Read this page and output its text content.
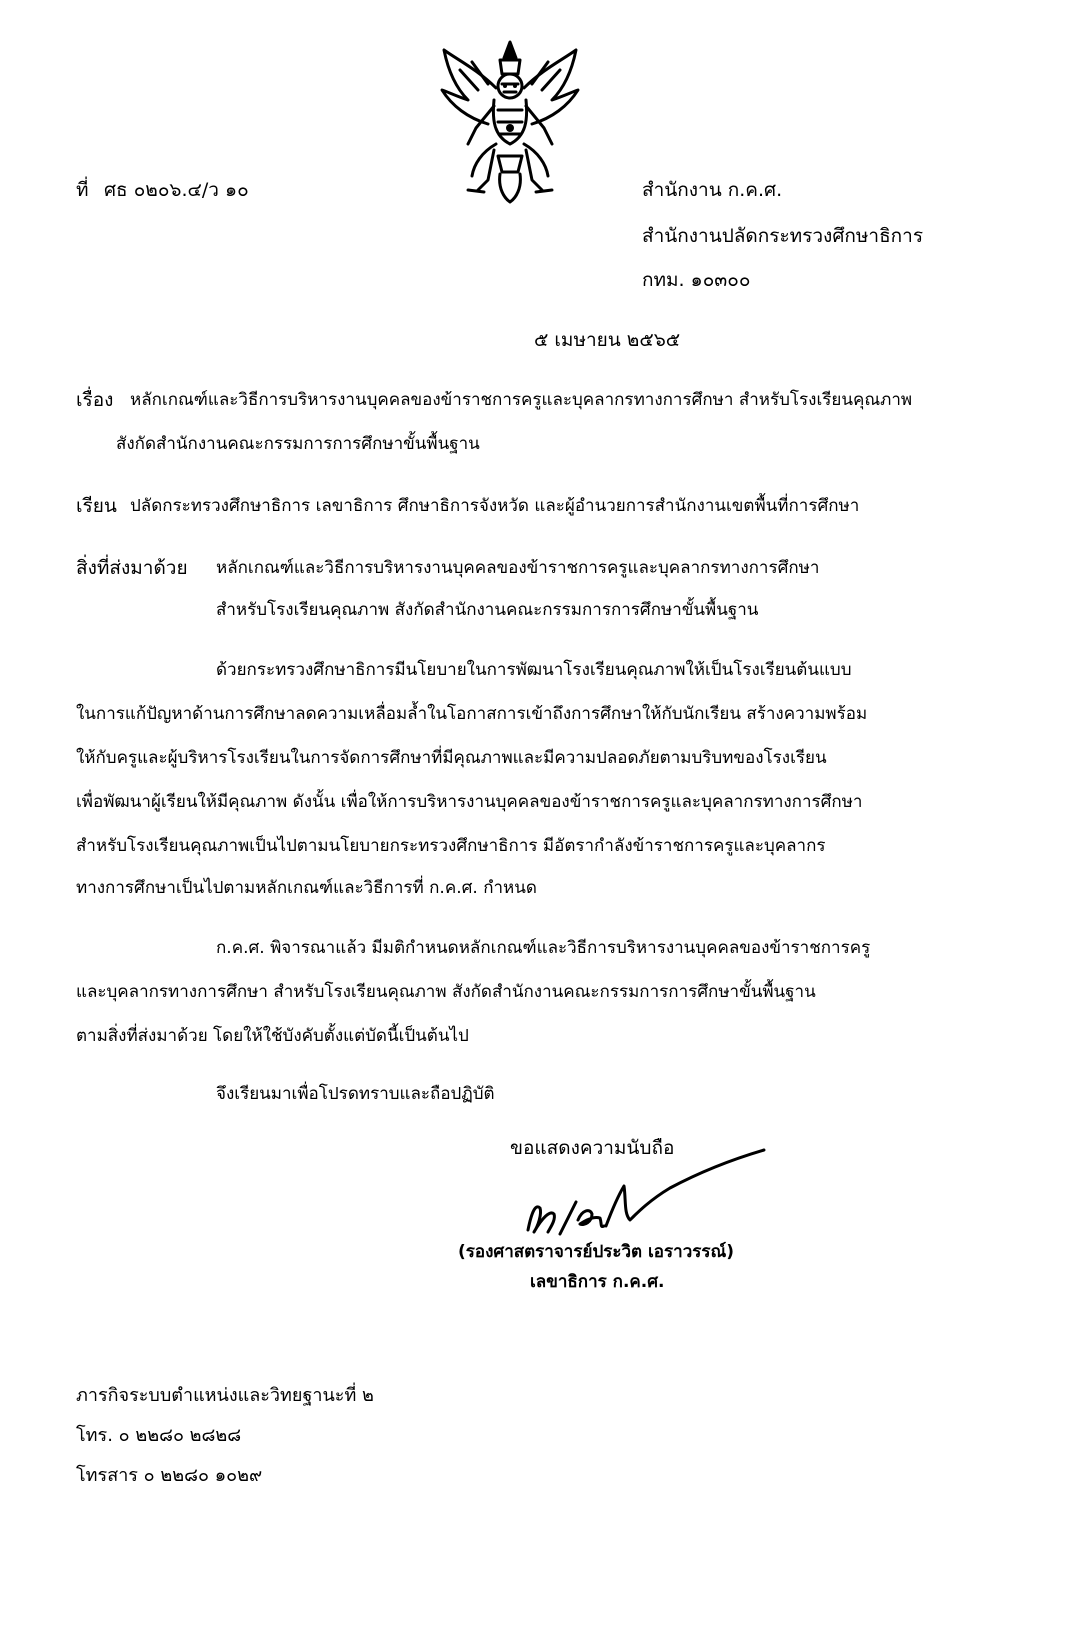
ที่ ศธ ๐๒๐๖.๔/ว ๑๐	สำนักงาน ก.ค.ศ.
สำนักงานปลัดกระทรวงศึกษาธิการ
กทม. ๑๐๓๐๐
๕ เมษายน ๒๕๖๕
เรื่อง หลักเกณฑ์และวิธีการบริหารงานบุคคลของข้าราชการครูและบุคลากรทางการศึกษา สำหรับโรงเรียนคุณภาพ
สังกัดสำนักงานคณะกรรมการการศึกษาขั้นพื้นฐาน
เรียน ปลัดกระทรวงศึกษาธิการ เลขาธิการ ศึกษาธิการจังหวัด และผู้อำนวยการสำนักงานเขตพื้นที่การศึกษา
สิ่งที่ส่งมาด้วย หลักเกณฑ์และวิธีการบริหารงานบุคคลของข้าราชการครูและบุคลากรทางการศึกษา
สำหรับโรงเรียนคุณภาพ สังกัดสำนักงานคณะกรรมการการศึกษาขั้นพื้นฐาน
ด้วยกระทรวงศึกษาธิการมีนโยบายในการพัฒนาโรงเรียนคุณภาพให้เป็นโรงเรียนต้นแบบ
ในการแก้ปัญหาด้านการศึกษาลดความเหลื่อมล้ำในโอกาสการเข้าถึงการศึกษาให้กับนักเรียน สร้างความพร้อม
ให้กับครูและผู้บริหารโรงเรียนในการจัดการศึกษาที่มีคุณภาพและมีความปลอดภัยตามบริบทของโรงเรียน
เพื่อพัฒนาผู้เรียนให้มีคุณภาพ ดังนั้น เพื่อให้การบริหารงานบุคคลของข้าราชการครูและบุคลากรทางการศึกษา
สำหรับโรงเรียนคุณภาพเป็นไปตามนโยบายกระทรวงศึกษาธิการ มีอัตรากำลังข้าราชการครูและบุคลากร
ทางการศึกษาเป็นไปตามหลักเกณฑ์และวิธีการที่ ก.ค.ศ. กำหนด
ก.ค.ศ. พิจารณาแล้ว มีมติกำหนดหลักเกณฑ์และวิธีการบริหารงานบุคคลของข้าราชการครู
และบุคลากรทางการศึกษา สำหรับโรงเรียนคุณภาพ สังกัดสำนักงานคณะกรรมการการศึกษาขั้นพื้นฐาน
ตามสิ่งที่ส่งมาด้วย โดยให้ใช้บังคับตั้งแต่บัดนี้เป็นต้นไป
จึงเรียนมาเพื่อโปรดทราบและถือปฏิบัติ
ขอแสดงความนับถือ
(รองศาสตราจารย์ประวิต เอราวรรณ์)
เลขาธิการ ก.ค.ศ.
ภารกิจระบบตำแหน่งและวิทยฐานะที่ ๒
โทร. ๐ ๒๒๘๐ ๒๘๒๘
โทรสาร ๐ ๒๒๘๐ ๑๐๒๙
